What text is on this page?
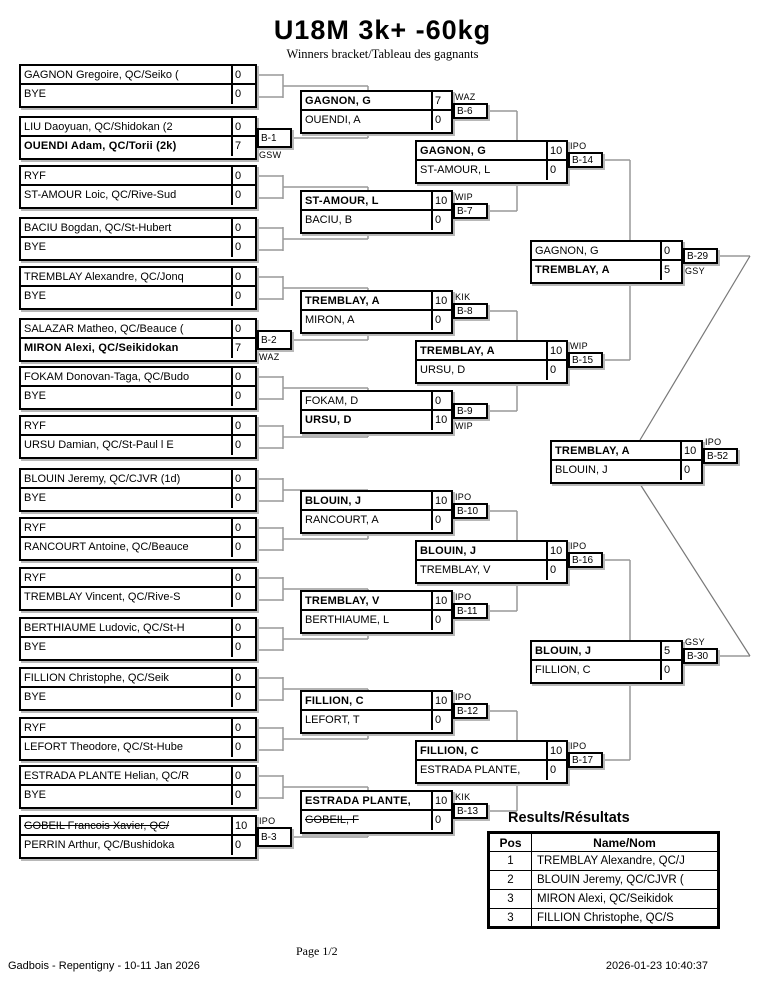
U18M 3k+ -60kg
Winners bracket/Tableau des gagnants
GAGNON Gregoire, QC/Seiko (	0
BYE	0
LIU Daoyuan, QC/Shidokan (2	0
OUENDI Adam, QC/Torii (2k)	7
B-1
GSW
RYF	0
ST-AMOUR Loic, QC/Rive-Sud	0
BACIU Bogdan, QC/St-Hubert	0
BYE	0
TREMBLAY Alexandre, QC/Jonq	0
BYE	0
SALAZAR Matheo, QC/Beauce (	0
MIRON Alexi, QC/Seikidokan	7
B-2
WAZ
FOKAM Donovan-Taga, QC/Budo	0
BYE	0
RYF	0
URSU Damian, QC/St-Paul l E	0
BLOUIN Jeremy, QC/CJVR (1d)	0
BYE	0
RYF	0
RANCOURT Antoine, QC/Beauce	0
RYF	0
TREMBLAY Vincent, QC/Rive-S	0
BERTHIAUME Ludovic, QC/St-H	0
BYE	0
FILLION Christophe, QC/Seik	0
BYE	0
RYF	0
LEFORT Theodore, QC/St-Hube	0
ESTRADA PLANTE Helian, QC/R	0
BYE	0
GOBEIL Francois Xavier, QC/	10
PERRIN Arthur, QC/Bushidoka	0
B-3
IPO
GAGNON, G	7
OUENDI, A	0
B-6
WAZ
ST-AMOUR, L	10
BACIU, B	0
B-7
WIP
TREMBLAY, A	10
MIRON, A	0
B-8
KIK
FOKAM, D	0
URSU, D	10
B-9
WIP
BLOUIN, J	10
RANCOURT, A	0
B-10
IPO
TREMBLAY, V	10
BERTHIAUME, L	0
B-11
IPO
FILLION, C	10
LEFORT, T	0
B-12
IPO
ESTRADA PLANTE,	10
GOBEIL, F	0
B-13
KIK
GAGNON, G	10
ST-AMOUR, L	0
B-14
IPO
TREMBLAY, A	10
URSU, D	0
B-15
WIP
BLOUIN, J	10
TREMBLAY, V	0
B-16
IPO
FILLION, C	10
ESTRADA PLANTE,	0
B-17
IPO
GAGNON, G	0
TREMBLAY, A	5
B-29
GSY
BLOUIN, J	5
FILLION, C	0
B-30
GSY
TREMBLAY, A	10
BLOUIN, J	0
B-52
IPO
Results/Résultats
Pos	Name/Nom
1	TREMBLAY Alexandre, QC/J
2	BLOUIN Jeremy, QC/CJVR (
3	MIRON Alexi, QC/Seikidok
3	FILLION Christophe, QC/S
Page 1/2
Gadbois - Repentigny - 10-11 Jan 2026	2026-01-23 10:40:37
